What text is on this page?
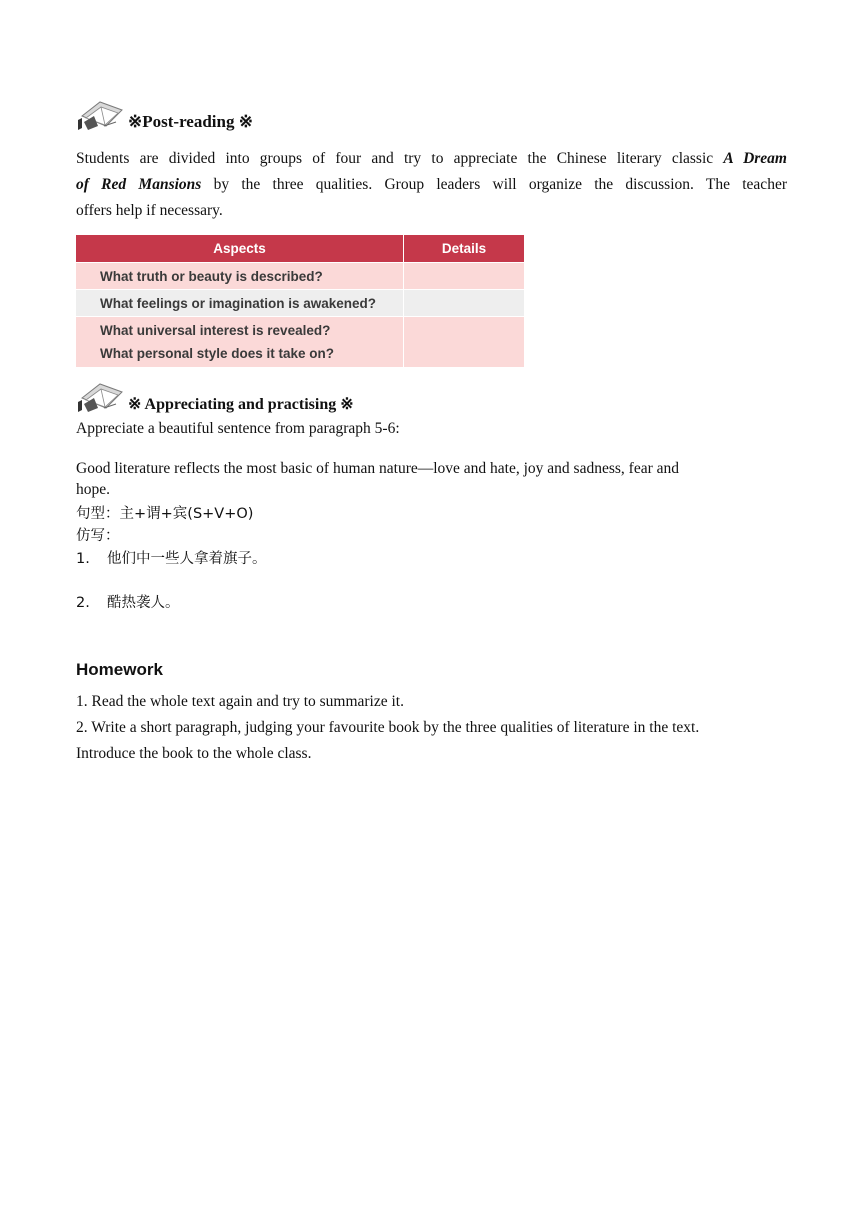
※Post-reading ※
Students are divided into groups of four and try to appreciate the Chinese literary classic A Dream
of Red Mansions by the three qualities. Group leaders will organize the discussion. The teacher
offers help if necessary.
Aspects	Details
What truth or beauty is described?	
What feelings or imagination is awakened?	

What universal interest is revealed?
What personal style does it take on?	

※ Appreciating and practising ※
Appreciate a beautiful sentence from paragraph 5-6:
Good literature reflects the most basic of human nature—love and hate, joy and sadness, fear and
hope.
句型：主+谓+宾(S+V+O)
仿写：
1. 他们中一些人拿着旗子。
2. 酷热袭人。
Homework
1. Read the whole text again and try to summarize it.
2. Write a short paragraph, judging your favourite book by the three qualities of literature in the text.
Introduce the book to the whole class.
